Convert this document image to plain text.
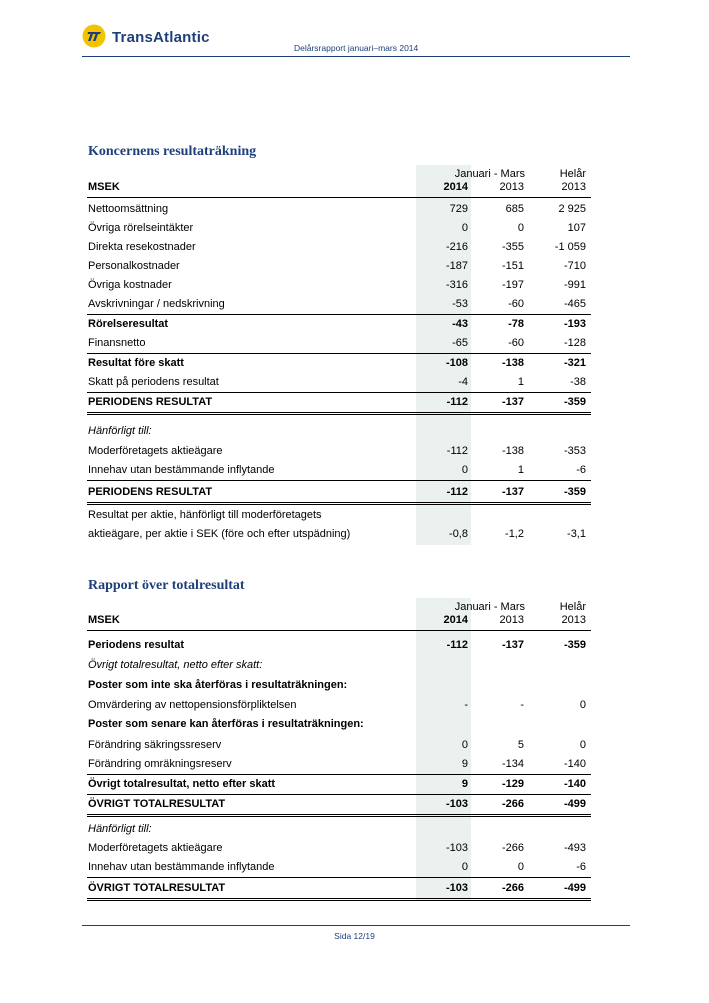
TransAtlantic
Delårsrapport januari–mars 2014
Koncernens resultaträkning
Januari - Mars	Helår
MSEK	2014	2013	2013
Nettoomsättning	729	685	2 925
Övriga rörelseintäkter	0	0	107
Direkta resekostnader	-216	-355	-1 059
Personalkostnader	-187	-151	-710
Övriga kostnader	-316	-197	-991
Avskrivningar / nedskrivning	-53	-60	-465
Rörelseresultat	-43	-78	-193
Finansnetto	-65	-60	-128
Resultat före skatt	-108	-138	-321
Skatt på periodens resultat	-4	1	-38
PERIODENS RESULTAT	-112	-137	-359
Hänförligt till:
Moderföretagets aktieägare	-112	-138	-353
Innehav utan bestämmande inflytande	0	1	-6
PERIODENS RESULTAT	-112	-137	-359
Resultat per aktie, hänförligt till moderföretagets
aktieägare, per aktie i SEK (före och efter utspädning)	-0,8	-1,2	-3,1
Rapport över totalresultat
Januari - Mars	Helår
MSEK	2014	2013	2013
Periodens resultat	-112	-137	-359
Övrigt totalresultat, netto efter skatt:
Poster som inte ska återföras i resultaträkningen:
Omvärdering av nettopensionsförpliktelsen	-	-	0
Poster som senare kan återföras i resultaträkningen:
Förändring säkringssreserv	0	5	0
Förändring omräkningsreserv	9	-134	-140
Övrigt totalresultat, netto efter skatt	9	-129	-140
ÖVRIGT TOTALRESULTAT	-103	-266	-499
Hänförligt till:
Moderföretagets aktieägare	-103	-266	-493
Innehav utan bestämmande inflytande	0	0	-6
ÖVRIGT TOTALRESULTAT	-103	-266	-499
Sida 12/19
